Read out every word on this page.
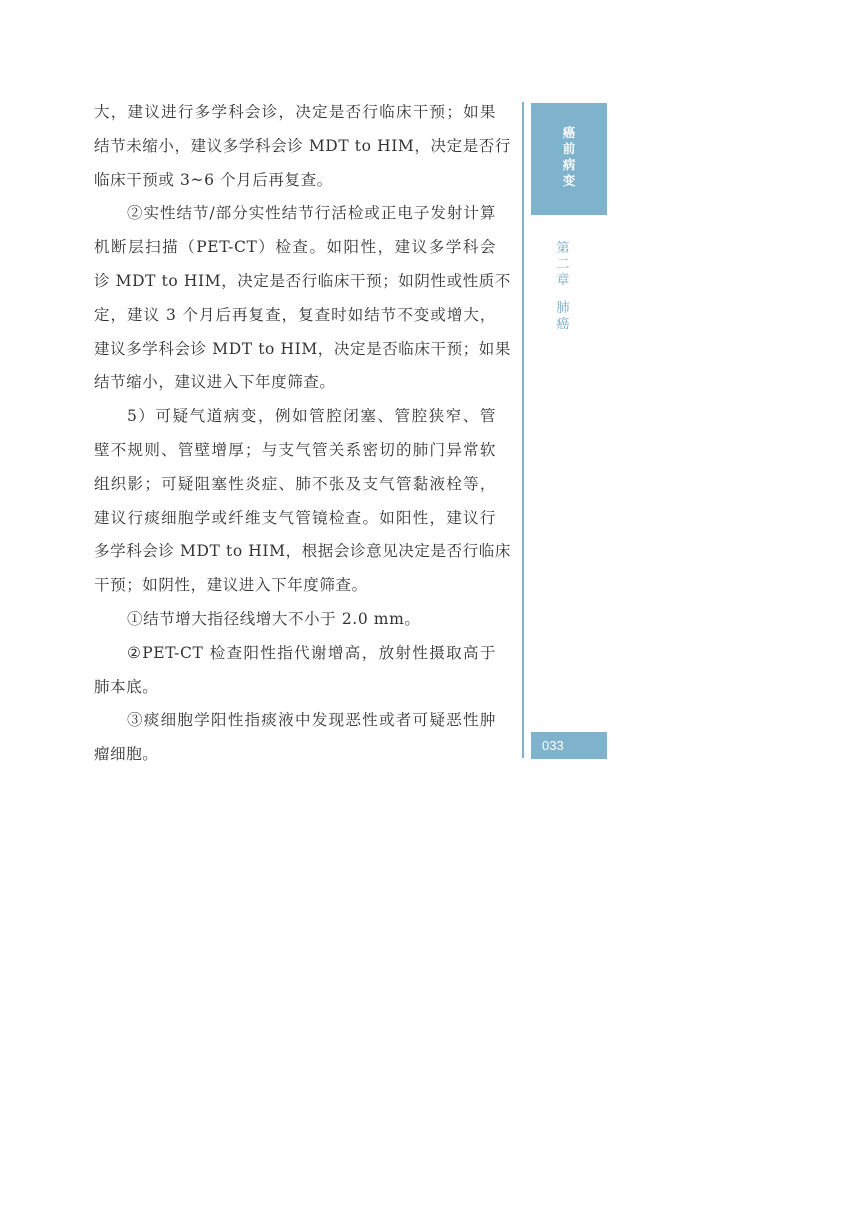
大，建议进行多学科会诊，决定是否行临床干预；如果
结节未缩小，建议多学科会诊 MDT to HIM，决定是否行
临床干预或 3~6 个月后再复查。

②实性结节/部分实性结节行活检或正电子发射计算
机断层扫描（PET-CT）检查。如阳性，建议多学科会
诊 MDT to HIM，决定是否行临床干预；如阴性或性质不
定，建议 3 个月后再复查，复查时如结节不变或增大，
建议多学科会诊 MDT to HIM，决定是否临床干预；如果
结节缩小，建议进入下年度筛查。

5）可疑气道病变，例如管腔闭塞、管腔狭窄、管
壁不规则、管壁增厚；与支气管关系密切的肺门异常软
组织影；可疑阻塞性炎症、肺不张及支气管黏液栓等，
建议行痰细胞学或纤维支气管镜检查。如阳性，建议行
多学科会诊 MDT to HIM，根据会诊意见决定是否行临床
干预；如阴性，建议进入下年度筛查。

①结节增大指径线增大不小于 2.0 mm。

②PET-CT 检查阳性指代谢增高，放射性摄取高于
肺本底。

③痰细胞学阳性指痰液中发现恶性或者可疑恶性肿
瘤细胞。

癌前病变
第二章
肺癌
033
